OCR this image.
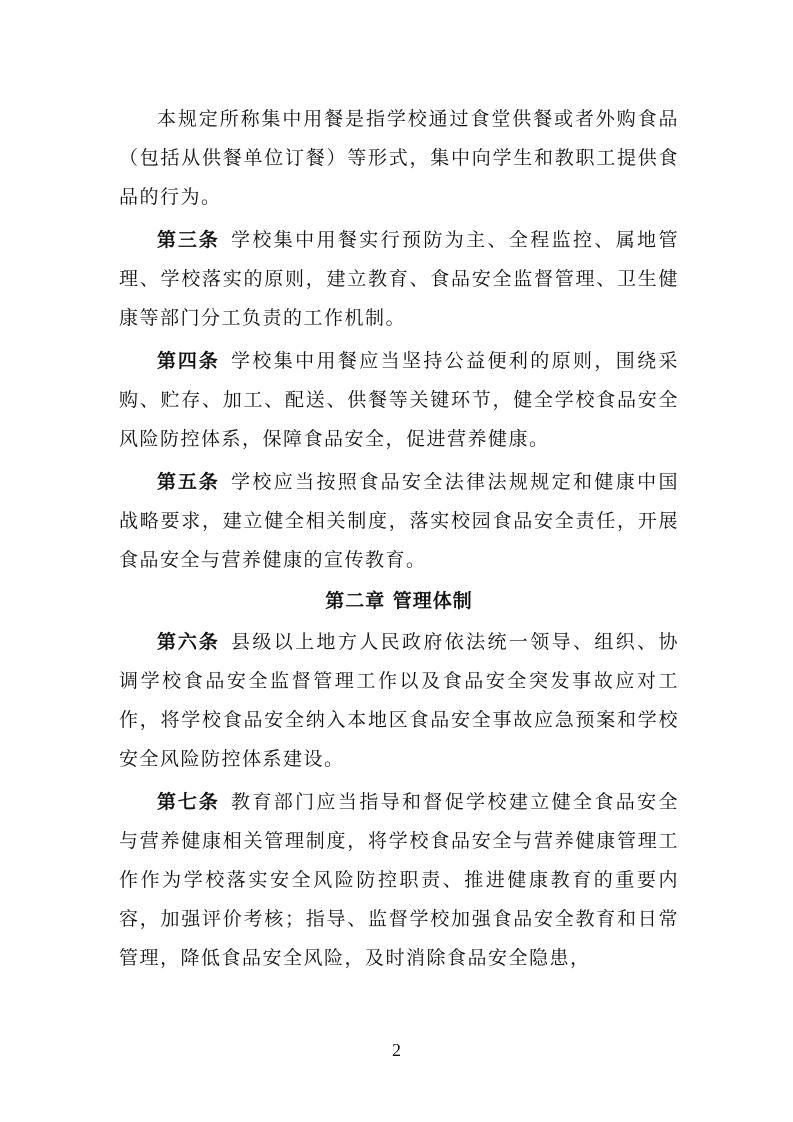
本规定所称集中用餐是指学校通过食堂供餐或者外购食品（包括从供餐单位订餐）等形式，集中向学生和教职工提供食品的行为。

第三条 学校集中用餐实行预防为主、全程监控、属地管理、学校落实的原则，建立教育、食品安全监督管理、卫生健康等部门分工负责的工作机制。

第四条 学校集中用餐应当坚持公益便利的原则，围绕采购、贮存、加工、配送、供餐等关键环节，健全学校食品安全风险防控体系，保障食品安全，促进营养健康。

第五条 学校应当按照食品安全法律法规规定和健康中国战略要求，建立健全相关制度，落实校园食品安全责任，开展食品安全与营养健康的宣传教育。

第二章 管理体制

第六条 县级以上地方人民政府依法统一领导、组织、协调学校食品安全监督管理工作以及食品安全突发事故应对工作，将学校食品安全纳入本地区食品安全事故应急预案和学校安全风险防控体系建设。

第七条 教育部门应当指导和督促学校建立健全食品安全与营养健康相关管理制度，将学校食品安全与营养健康管理工作作为学校落实安全风险防控职责、推进健康教育的重要内容，加强评价考核；指导、监督学校加强食品安全教育和日常管理，降低食品安全风险，及时消除食品安全隐患，

2
